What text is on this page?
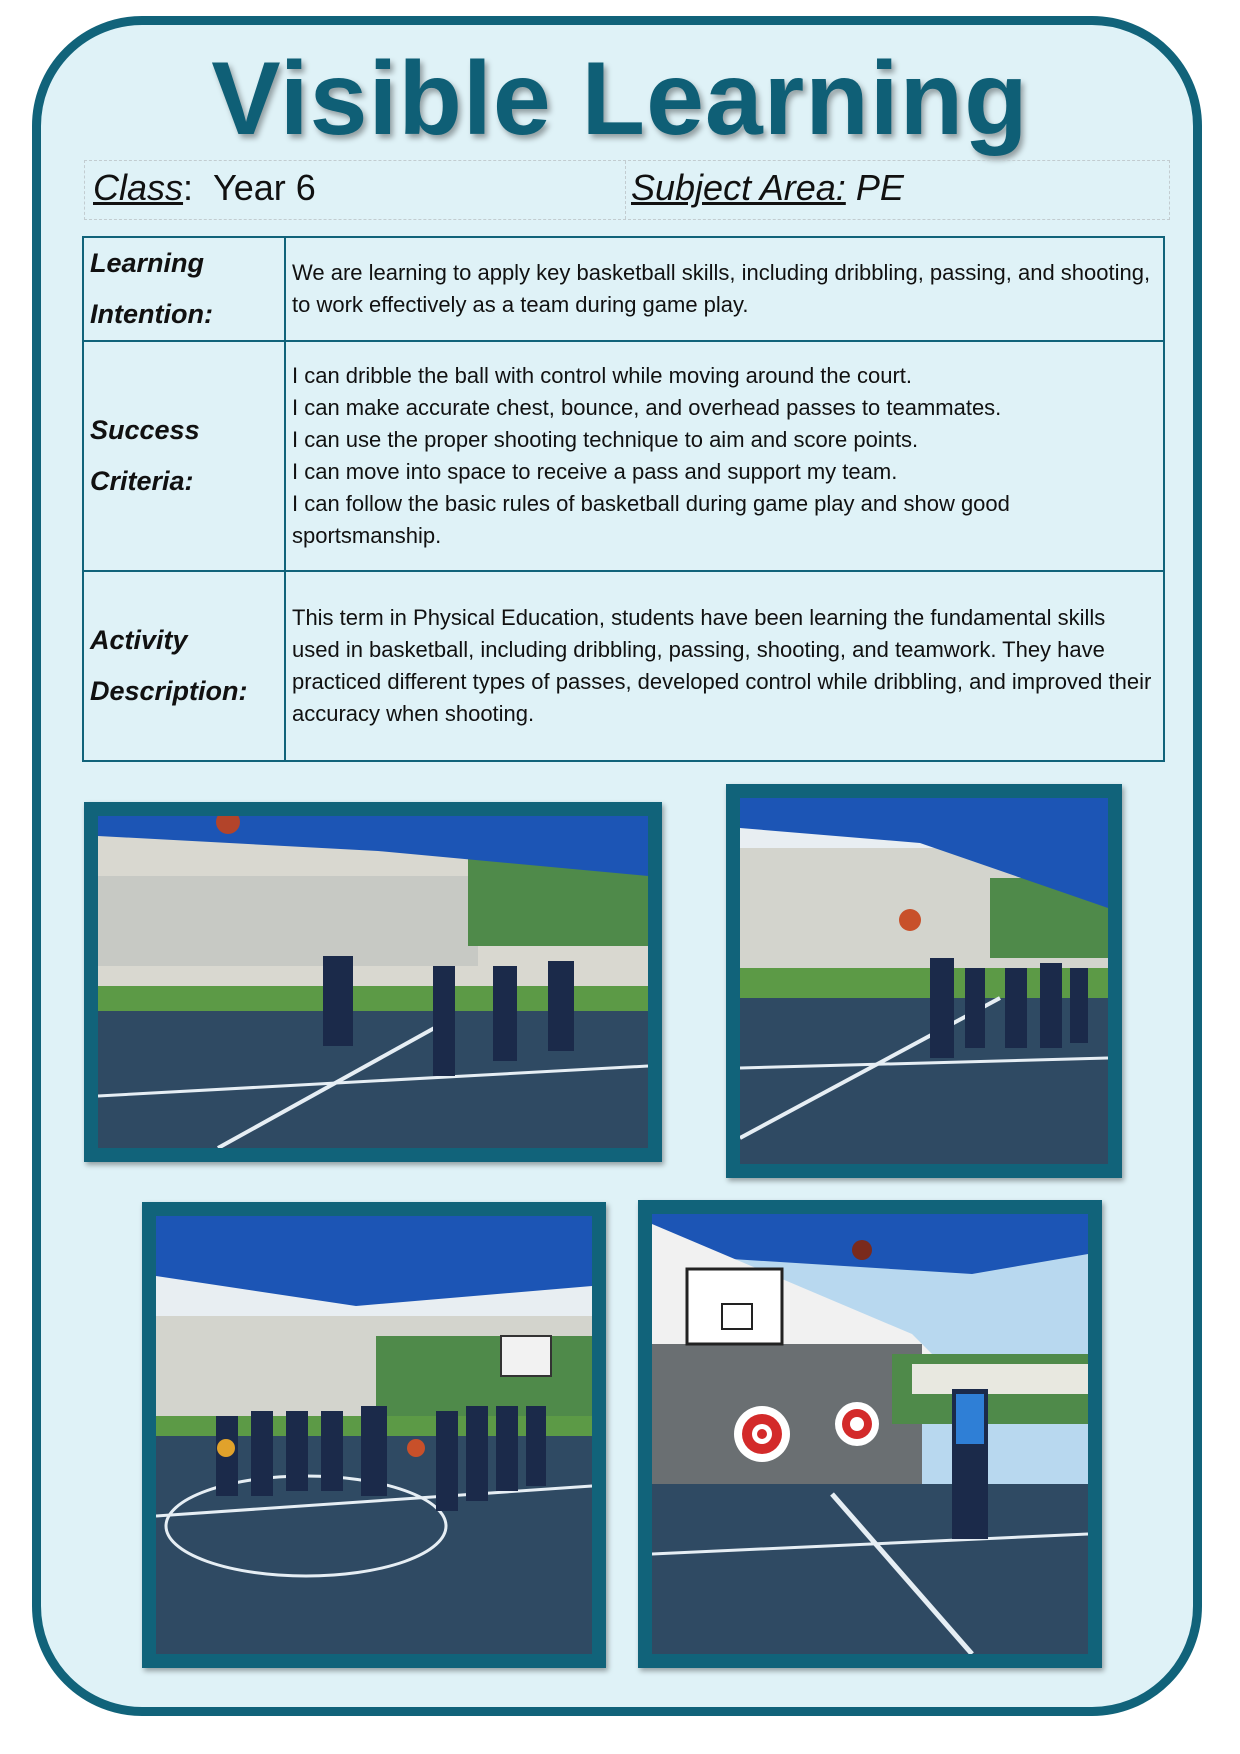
Visible Learning
Class:  Year 6	Subject Area: PE
Learning
Intention:	We are learning to apply key basketball skills, including dribbling, passing, and shooting, to work effectively as a team during game play.
Success
Criteria:	I can dribble the ball with control while moving around the court.
I can make accurate chest, bounce, and overhead passes to teammates.
I can use the proper shooting technique to aim and score points.
I can move into space to receive a pass and support my team.
I can follow the basic rules of basketball during game play and show good sportsmanship.

Activity
Description:	This term in Physical Education, students have been learning the fundamental skills used in basketball, including dribbling, passing, shooting, and teamwork. They have practiced different types of passes, developed control while dribbling, and improved their accuracy when shooting.
